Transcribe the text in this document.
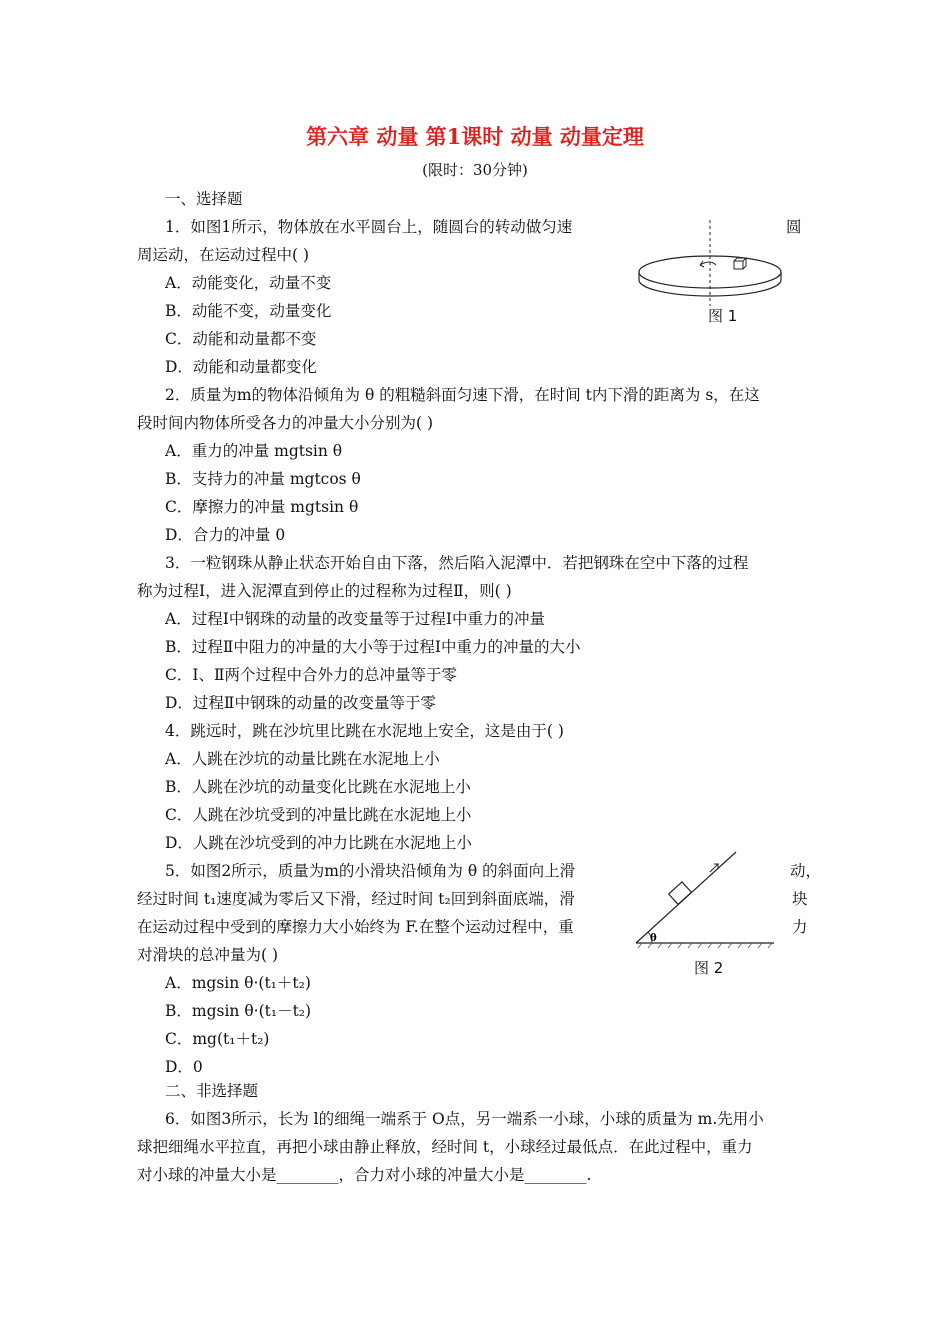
第六章 动量 第1课时 动量 动量定理
(限时：30分钟)
一、选择题
1．如图1所示，物体放在水平圆台上，随圆台的转动做匀速	圆
周运动，在运动过程中( )
A．动能变化，动量不变
B．动能不变，动量变化
C．动能和动量都不变
D．动能和动量都变化
图 1
2．质量为m的物体沿倾角为 θ 的粗糙斜面匀速下滑，在时间 t内下滑的距离为 s，在这
段时间内物体所受各力的冲量大小分别为( )
A．重力的冲量 mgtsin θ
B．支持力的冲量 mgtcos θ
C．摩擦力的冲量 mgtsin θ
D．合力的冲量 0
3．一粒钢珠从静止状态开始自由下落，然后陷入泥潭中．若把钢珠在空中下落的过程
称为过程Ⅰ，进入泥潭直到停止的过程称为过程Ⅱ，则( )
A．过程Ⅰ中钢珠的动量的改变量等于过程Ⅰ中重力的冲量
B．过程Ⅱ中阻力的冲量的大小等于过程Ⅰ中重力的冲量的大小
C．Ⅰ、Ⅱ两个过程中合外力的总冲量等于零
D．过程Ⅱ中钢珠的动量的改变量等于零
4．跳远时，跳在沙坑里比跳在水泥地上安全，这是由于( )
A．人跳在沙坑的动量比跳在水泥地上小
B．人跳在沙坑的动量变化比跳在水泥地上小
C．人跳在沙坑受到的冲量比跳在水泥地上小
D．人跳在沙坑受到的冲力比跳在水泥地上小
5．如图2所示，质量为m的小滑块沿倾角为 θ 的斜面向上滑	动，
经过时间 t₁速度减为零后又下滑，经过时间 t₂回到斜面底端，滑	块
在运动过程中受到的摩擦力大小始终为 F.在整个运动过程中，重	力
对滑块的总冲量为( )
A．mgsin θ·(t₁＋t₂)
B．mgsin θ·(t₁－t₂)
C．mg(t₁＋t₂)
D．0
θ
图 2
二、非选择题
6．如图3所示，长为 l的细绳一端系于 O点，另一端系一小球，小球的质量为 m.先用小
球把细绳水平拉直，再把小球由静止释放，经时间 t，小球经过最低点．在此过程中，重力
对小球的冲量大小是________，合力对小球的冲量大小是________.
